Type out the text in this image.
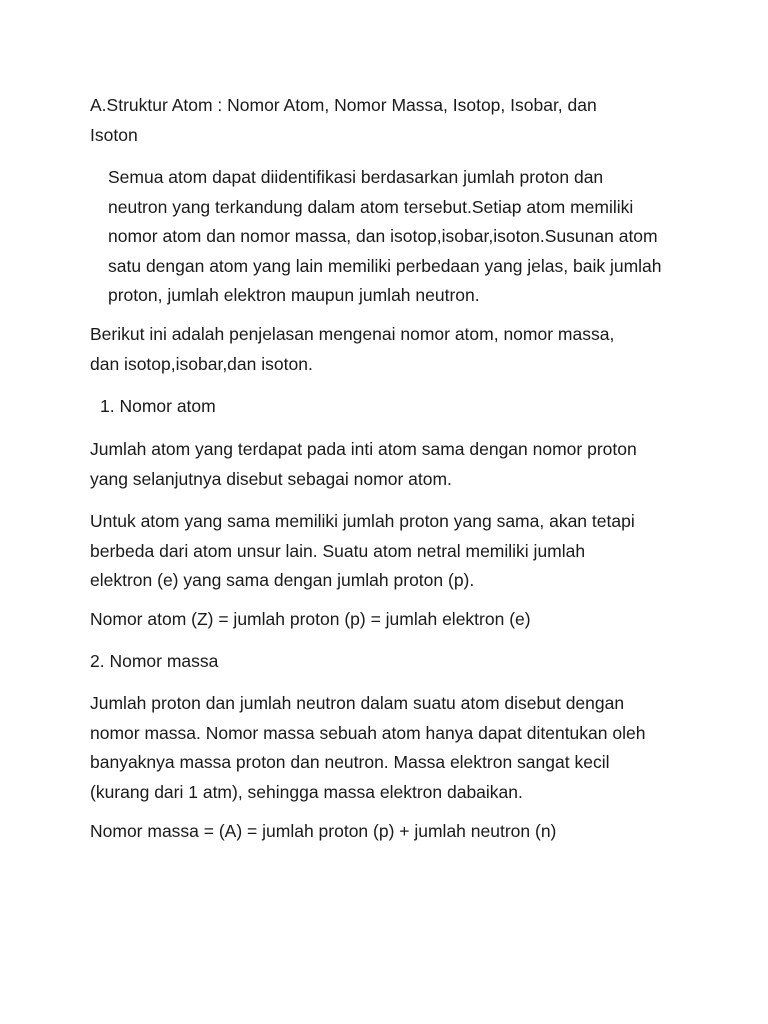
A.Struktur Atom : Nomor Atom, Nomor Massa, Isotop, Isobar, dan
Isoton

Semua atom dapat diidentifikasi berdasarkan jumlah proton dan
neutron yang terkandung dalam atom tersebut.Setiap atom memiliki
nomor atom dan nomor massa, dan isotop,isobar,isoton.Susunan atom
satu dengan atom yang lain memiliki perbedaan yang jelas, baik jumlah
proton, jumlah elektron maupun jumlah neutron.

Berikut ini adalah penjelasan mengenai nomor atom, nomor massa,
dan isotop,isobar,dan isoton.

1. Nomor atom

Jumlah atom yang terdapat pada inti atom sama dengan nomor proton
yang selanjutnya disebut sebagai nomor atom.

Untuk atom yang sama memiliki jumlah proton yang sama, akan tetapi
berbeda dari atom unsur lain. Suatu atom netral memiliki jumlah
elektron (e) yang sama dengan jumlah proton (p).

Nomor atom (Z) = jumlah proton (p) = jumlah elektron (e)

2. Nomor massa

Jumlah proton dan jumlah neutron dalam suatu atom disebut dengan
nomor massa. Nomor massa sebuah atom hanya dapat ditentukan oleh
banyaknya massa proton dan neutron. Massa elektron sangat kecil
(kurang dari 1 atm), sehingga massa elektron dabaikan.

Nomor massa = (A) = jumlah proton (p) + jumlah neutron (n)
